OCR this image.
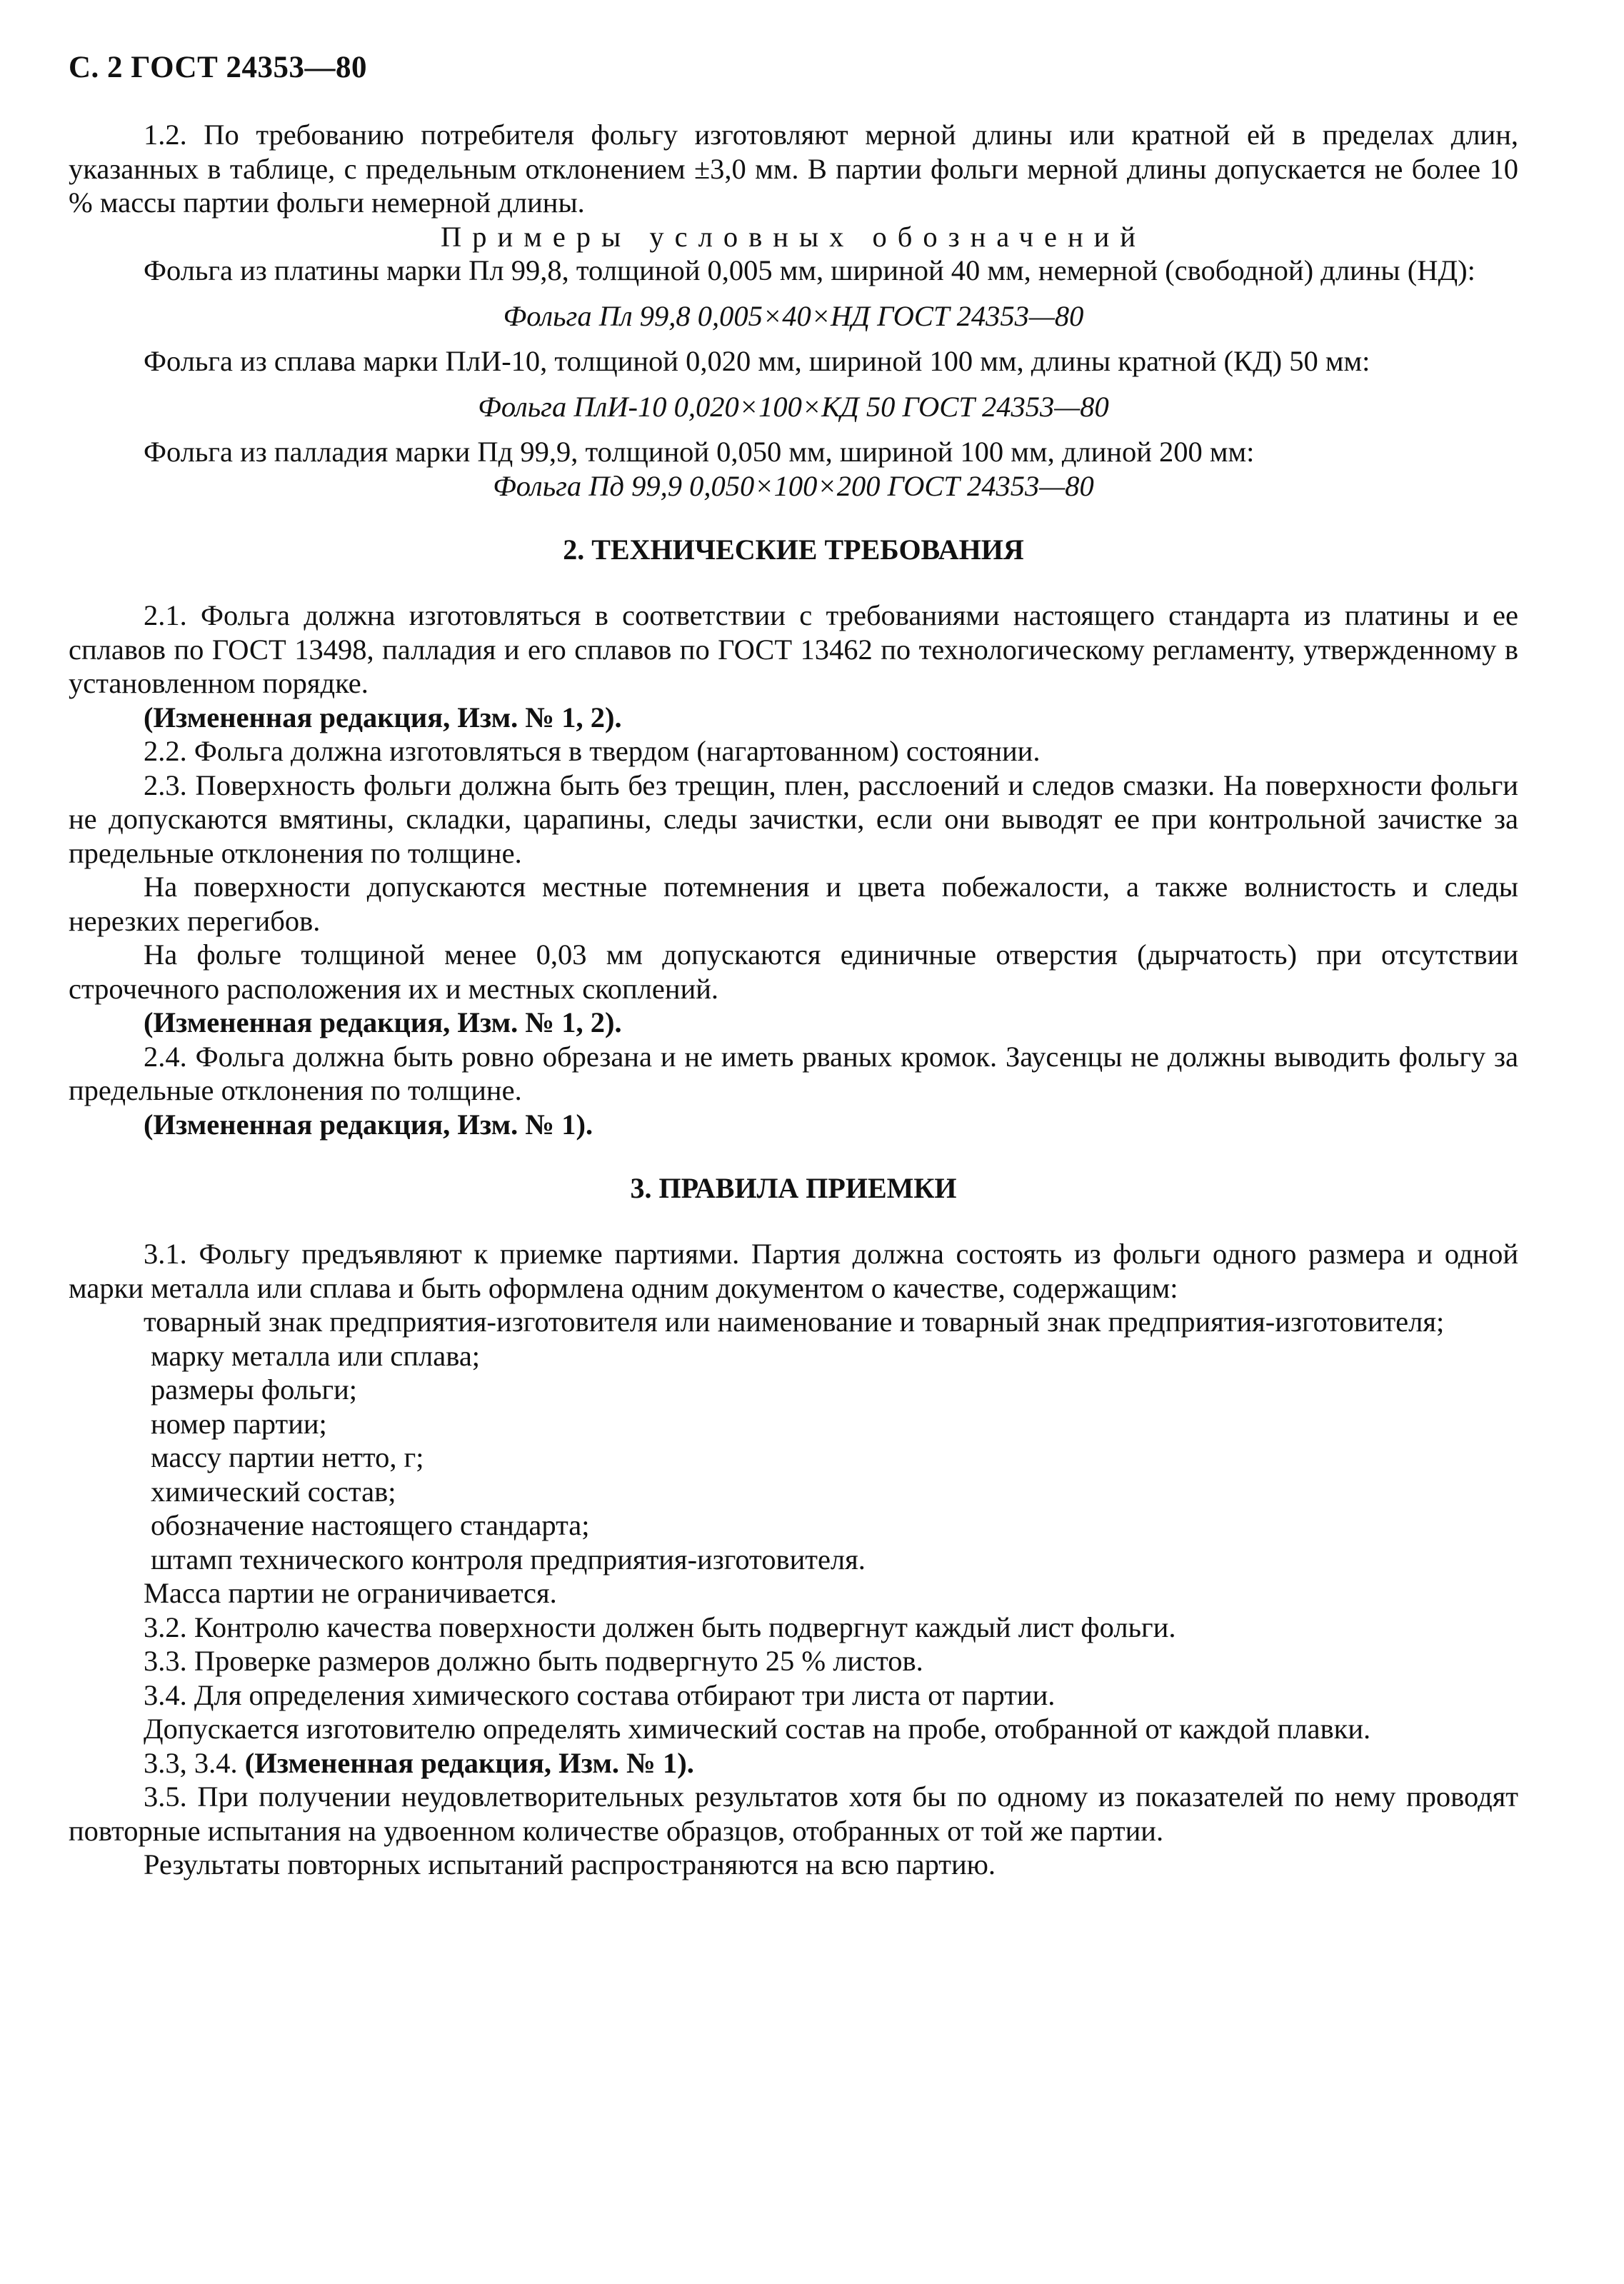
С. 2 ГОСТ 24353—80

1.2. По требованию потребителя фольгу изготовляют мерной длины или кратной ей в пределах длин, указанных в таблице, с предельным отклонением ±3,0 мм. В партии фольги мерной длины допускается не более 10 % массы партии фольги немерной длины.

Примеры условных обозначений

Фольга из платины марки Пл 99,8, толщиной 0,005 мм, шириной 40 мм, немерной (свободной) длины (НД):

Фольга Пл 99,8 0,005×40×НД ГОСТ 24353—80

Фольга из сплава марки ПлИ-10, толщиной 0,020 мм, шириной 100 мм, длины кратной (КД) 50 мм:

Фольга ПлИ-10 0,020×100×КД 50 ГОСТ 24353—80

Фольга из палладия марки Пд 99,9, толщиной 0,050 мм, шириной 100 мм, длиной 200 мм:

Фольга Пд 99,9 0,050×100×200 ГОСТ 24353—80

2. ТЕХНИЧЕСКИЕ ТРЕБОВАНИЯ

2.1. Фольга должна изготовляться в соответствии с требованиями настоящего стандарта из платины и ее сплавов по ГОСТ 13498, палладия и его сплавов по ГОСТ 13462 по технологическому регламенту, утвержденному в установленном порядке.

(Измененная редакция, Изм. № 1, 2).

2.2. Фольга должна изготовляться в твердом (нагартованном) состоянии.

2.3. Поверхность фольги должна быть без трещин, плен, расслоений и следов смазки. На поверхности фольги не допускаются вмятины, складки, царапины, следы зачистки, если они выводят ее при контрольной зачистке за предельные отклонения по толщине.

На поверхности допускаются местные потемнения и цвета побежалости, а также волнистость и следы нерезких перегибов.

На фольге толщиной менее 0,03 мм допускаются единичные отверстия (дырчатость) при отсутствии строчечного расположения их и местных скоплений.

(Измененная редакция, Изм. № 1, 2).

2.4. Фольга должна быть ровно обрезана и не иметь рваных кромок. Заусенцы не должны выводить фольгу за предельные отклонения по толщине.

(Измененная редакция, Изм. № 1).

3. ПРАВИЛА ПРИЕМКИ

3.1. Фольгу предъявляют к приемке партиями. Партия должна состоять из фольги одного размера и одной марки металла или сплава и быть оформлена одним документом о качестве, содержащим:

товарный знак предприятия-изготовителя или наименование и товарный знак предприятия-изготовителя;

марку металла или сплава;

размеры фольги;

номер партии;

массу партии нетто, г;

химический состав;

обозначение настоящего стандарта;

штамп технического контроля предприятия-изготовителя.

Масса партии не ограничивается.

3.2. Контролю качества поверхности должен быть подвергнут каждый лист фольги.

3.3. Проверке размеров должно быть подвергнуто 25 % листов.

3.4. Для определения химического состава отбирают три листа от партии.

Допускается изготовителю определять химический состав на пробе, отобранной от каждой плавки.

3.3, 3.4. (Измененная редакция, Изм. № 1).

3.5. При получении неудовлетворительных результатов хотя бы по одному из показателей по нему проводят повторные испытания на удвоенном количестве образцов, отобранных от той же партии.

Результаты повторных испытаний распространяются на всю партию.
